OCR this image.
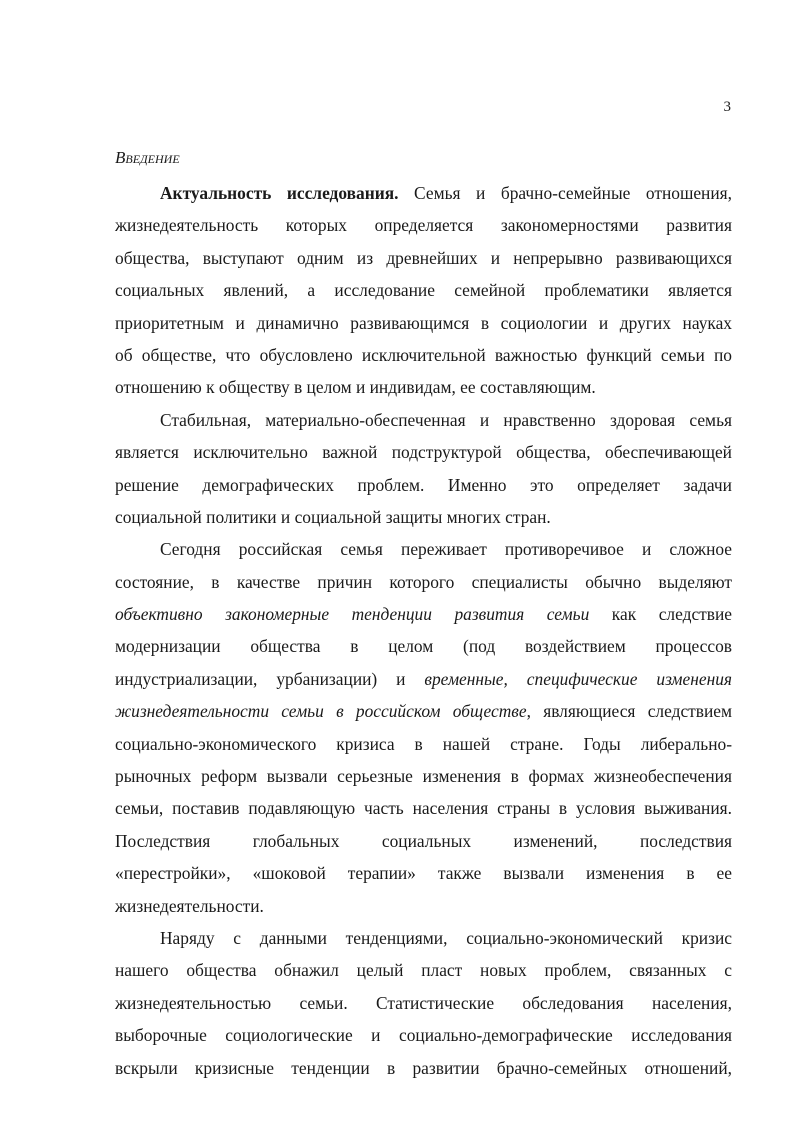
3
Введение
Актуальность исследования. Семья и брачно-семейные отношения,
жизнедеятельность которых определяется закономерностями развития
общества, выступают одним из древнейших и непрерывно развивающихся
социальных явлений, а исследование семейной проблематики является
приоритетным и динамично развивающимся в социологии и других науках
об обществе, что обусловлено исключительной важностью функций семьи по
отношению к обществу в целом и индивидам, ее составляющим.
Стабильная, материально-обеспеченная и нравственно здоровая семья
является исключительно важной подструктурой общества, обеспечивающей
решение демографических проблем. Именно это определяет задачи
социальной политики и социальной защиты многих стран.
Сегодня российская семья переживает противоречивое и сложное
состояние, в качестве причин которого специалисты обычно выделяют
объективно закономерные тенденции развития семьи как следствие
модернизации общества в целом (под воздействием процессов
индустриализации, урбанизации) и временные, специфические изменения
жизнедеятельности семьи в российском обществе, являющиеся следствием
социально-экономического кризиса в нашей стране. Годы либерально-
рыночных реформ вызвали серьезные изменения в формах жизнеобеспечения
семьи, поставив подавляющую часть населения страны в условия выживания.
Последствия глобальных социальных изменений, последствия
«перестройки», «шоковой терапии» также вызвали изменения в ее
жизнедеятельности.
Наряду с данными тенденциями, социально-экономический кризис
нашего общества обнажил целый пласт новых проблем, связанных с
жизнедеятельностью семьи. Статистические обследования населения,
выборочные социологические и социально-демографические исследования
вскрыли кризисные тенденции в развитии брачно-семейных отношений,
